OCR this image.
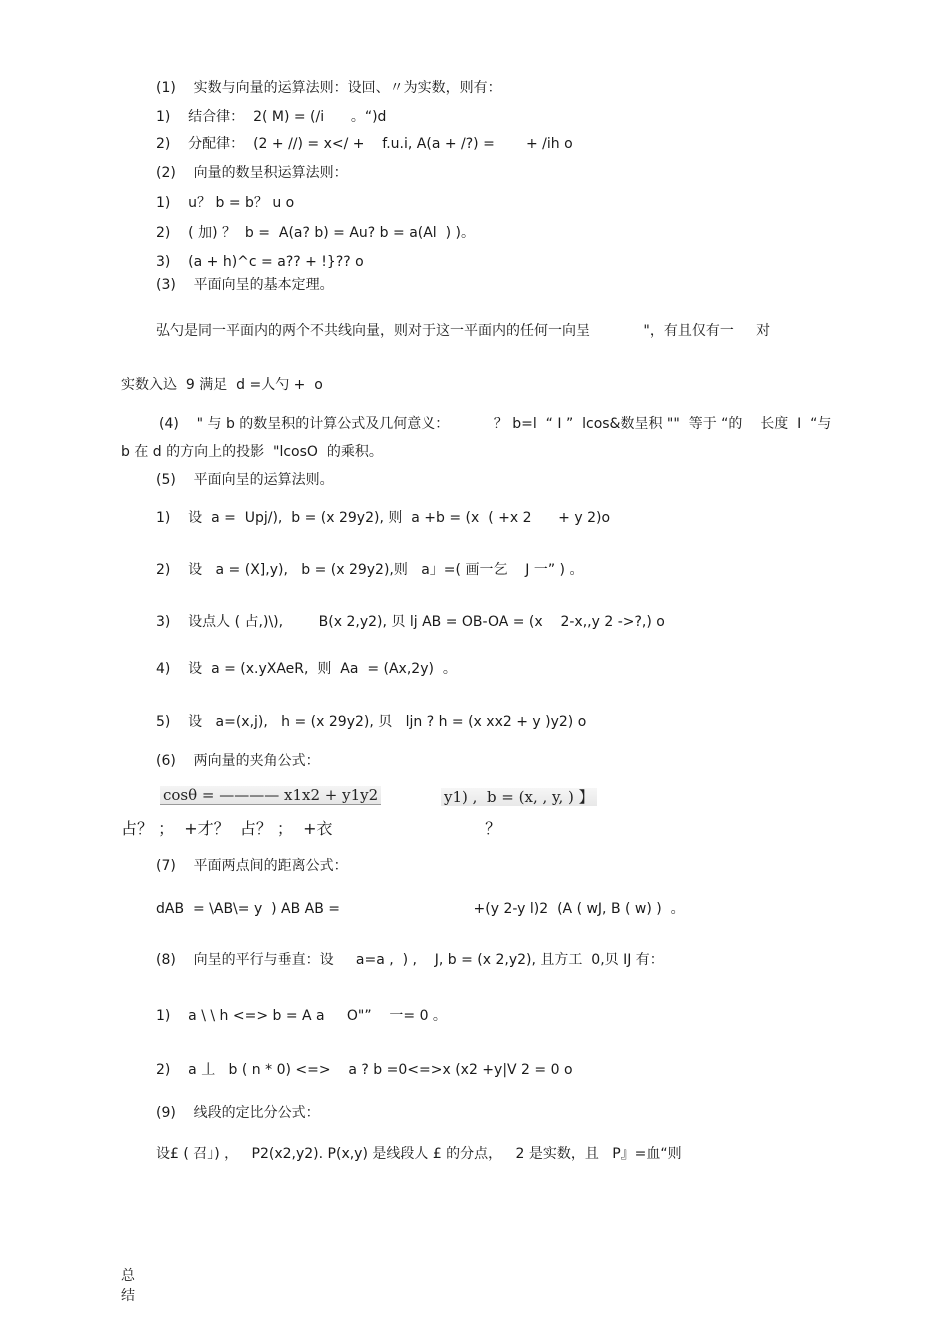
(1)    实数与向量的运算法则：设回、〃为实数，则有：
1)    结合律：  2( M) = (/i      。“)d
2)    分配律：  (2 + //) = x</ +    f.u.i, A(a + /?) =       + /ih o
(2)    向量的数呈积运算法则：
1)    u？ b = b？ u o
2)    ( 加) ？  b =  A(a? b) = Au? b = a(Al  ) )。
3)    (a + h)^c = a?? + !}?? o
(3)    平面向呈的基本定理。
弘勺是同一平面内的两个不共线向量，则对于这一平面内的任何一向呈            "，有且仅有一     对
实数入込  9 满足  d =人勺 +  o
(4)    " 与 b 的数呈积的计算公式及几何意义：          ？ b=l  “ I ”  lcos&数呈积 ""  等于 “的    长度  I  “与
b 在 d 的方向上的投影  "lcosO  的乘积。
(5)    平面向呈的运算法则。
1)    设  a =  Upj/),  b = (x 29y2), 则  a +b = (x  ( +x 2      + y 2)o
2)    设   a = (X],y),   b = (x 29y2),则   a」=( 画一乞    J 一” ) 。
3)    设点人 ( 占,)\),        B(x 2,y2), 贝 lj AB = OB-OA = (x    2-x,,y 2 ->?,) o
4)    设  a = (x.yXAeR,  则  Aa  = (Ax,2y)  。
5)    设   a=(x,j),   h = (x 29y2), 贝   ljn ? h = (x xx2 + y )y2) o
(6)    两向量的夹角公式：
cosθ = ———— x1x2 + y1y2	y1) ,  b = (x, , y, ) 】
占？ ；  +才？  占？ ；  +衣                              ？
(7)    平面两点间的距离公式：
dAB  = \AB\= y  ) AB AB =                              +(y 2-y l)2  (A ( wJ, B ( w) )  。
(8)    向呈的平行与垂直：设     a=a ,  ) ,    J, b = (x 2,y2), 且方工  0,贝 IJ 有：
1)    a \ \ h <=> b = A a     O"”    一= 0 。
2)    a 丄   b ( n * 0) <=>    a ? b =0<=>x (x2 +y|V 2 = 0 o
(9)    线段的定比分公式：
设£ ( 召」) ，   P2(x2,y2). P(x,y) 是线段人 £ 的分点，   2 是实数，且   P』=血“则
总
结
